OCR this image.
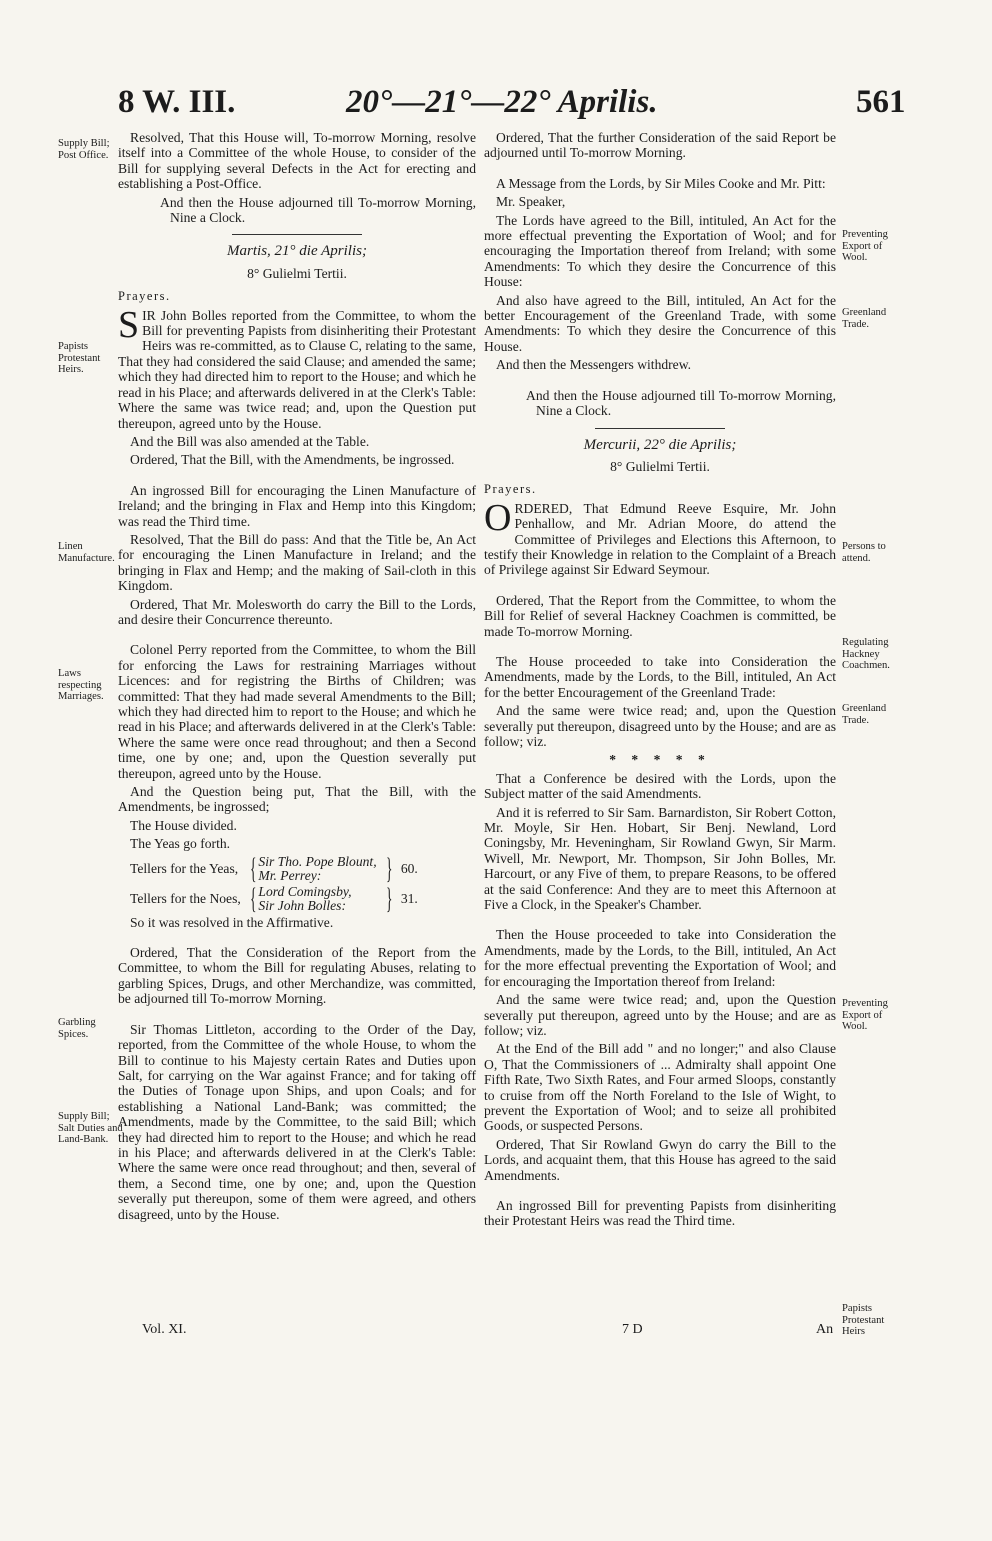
8 W. III.	20°—21°—22° Aprilis.	561

Resolved, That this House will, To-morrow Morning, resolve itself into a Committee of the whole House, to consider of the Bill for supplying several Defects in the Act for erecting and establishing a Post-Office.

And then the House adjourned till To-morrow Morning, Nine a Clock.

Martis, 21° die Aprilis;
8° Gulielmi Tertii.

Prayers.

SIR John Bolles reported from the Committee, to whom the Bill for preventing Papists from disinheriting their Protestant Heirs was re-committed, as to Clause C, relating to the same, That they had considered the said Clause; and amended the same; which they had directed him to report to the House; and which he read in his Place; and afterwards delivered in at the Clerk's Table: Where the same was twice read; and, upon the Question put thereupon, agreed unto by the House.

And the Bill was also amended at the Table.

Ordered, That the Bill, with the Amendments, be ingrossed.

An ingrossed Bill for encouraging the Linen Manufacture of Ireland; and the bringing in Flax and Hemp into this Kingdom; was read the Third time.

Resolved, That the Bill do pass: And that the Title be, An Act for encouraging the Linen Manufacture in Ireland; and the bringing in Flax and Hemp; and the making of Sail-cloth in this Kingdom.

Ordered, That Mr. Molesworth do carry the Bill to the Lords, and desire their Concurrence thereunto.

Colonel Perry reported from the Committee, to whom the Bill for enforcing the Laws for restraining Marriages without Licences: and for registring the Births of Children; was committed: That they had made several Amendments to the Bill; which they had directed him to report to the House; and which he read in his Place; and afterwards delivered in at the Clerk's Table: Where the same were once read throughout; and then a Second time, one by one; and, upon the Question severally put thereupon, agreed unto by the House.

And the Question being put, That the Bill, with the Amendments, be ingrossed;

The House divided.

The Yeas go forth.

Tellers for the Yeas, { Sir Tho. Pope Blount,
Mr. Perrey:	} 60.
Tellers for the Noes, { Lord Comingsby,
Sir John Bolles:	} 31.

So it was resolved in the Affirmative.

Ordered, That the Consideration of the Report from the Committee, to whom the Bill for regulating Abuses, relating to garbling Spices, Drugs, and other Merchandize, was committed, be adjourned till To-morrow Morning.

Sir Thomas Littleton, according to the Order of the Day, reported, from the Committee of the whole House, to whom the Bill to continue to his Majesty certain Rates and Duties upon Salt, for carrying on the War against France; and for taking off the Duties of Tonage upon Ships, and upon Coals; and for establishing a National Land-Bank; was committed; the Amendments, made by the Committee, to the said Bill; which they had directed him to report to the House; and which he read in his Place; and afterwards delivered in at the Clerk's Table: Where the same were once read throughout; and then, several of them, a Second time, one by one; and, upon the Question severally put thereupon, some of them were agreed, and others disagreed, unto by the House.

Ordered, That the further Consideration of the said Report be adjourned until To-morrow Morning.

A Message from the Lords, by Sir Miles Cooke and Mr. Pitt:

Mr. Speaker,

The Lords have agreed to the Bill, intituled, An Act for the more effectual preventing the Exportation of Wool; and for encouraging the Importation thereof from Ireland; with some Amendments: To which they desire the Concurrence of this House:

And also have agreed to the Bill, intituled, An Act for the better Encouragement of the Greenland Trade, with some Amendments: To which they desire the Concurrence of this House.

And then the Messengers withdrew.

And then the House adjourned till To-morrow Morning, Nine a Clock.

Mercurii, 22° die Aprilis;
8° Gulielmi Tertii.

Prayers.

ORDERED, That Edmund Reeve Esquire, Mr. John Penhallow, and Mr. Adrian Moore, do attend the Committee of Privileges and Elections this Afternoon, to testify their Knowledge in relation to the Complaint of a Breach of Privilege against Sir Edward Seymour.

Ordered, That the Report from the Committee, to whom the Bill for Relief of several Hackney Coachmen is committed, be made To-morrow Morning.

The House proceeded to take into Consideration the Amendments, made by the Lords, to the Bill, intituled, An Act for the better Encouragement of the Greenland Trade:

And the same were twice read; and, upon the Question severally put thereupon, disagreed unto by the House; and are as follow; viz.

* * * * *

That a Conference be desired with the Lords, upon the Subject matter of the said Amendments.

And it is referred to Sir Sam. Barnardiston, Sir Robert Cotton, Mr. Moyle, Sir Hen. Hobart, Sir Benj. Newland, Lord Coningsby, Mr. Heveningham, Sir Rowland Gwyn, Sir Marm. Wivell, Mr. Newport, Mr. Thompson, Sir John Bolles, Mr. Harcourt, or any Five of them, to prepare Reasons, to be offered at the said Conference: And they are to meet this Afternoon at Five a Clock, in the Speaker's Chamber.

Then the House proceeded to take into Consideration the Amendments, made by the Lords, to the Bill, intituled, An Act for the more effectual preventing the Exportation of Wool; and for encouraging the Importation thereof from Ireland:

And the same were twice read; and, upon the Question severally put thereupon, agreed unto by the House; and are as follow; viz.

At the End of the Bill add " and no longer;" and also Clause O, That the Commissioners of ... Admiralty shall appoint One Fifth Rate, Two Sixth Rates, and Four armed Sloops, constantly to cruise from off the North Foreland to the Isle of Wight, to prevent the Exportation of Wool; and to seize all prohibited Goods, or suspected Persons.

Ordered, That Sir Rowland Gwyn do carry the Bill to the Lords, and acquaint them, that this House has agreed to the said Amendments.

An ingrossed Bill for preventing Papists from disinheriting their Protestant Heirs was read the Third time.

Supply Bill; Post Office.
Papists Protestant Heirs.
Linen Manufacture.
Laws respecting Marriages.
Garbling Spices.
Supply Bill; Salt Duties and Land-Bank.
Preventing Export of Wool.
Greenland Trade.
Persons to attend.
Regulating Hackney Coachmen.
Greenland Trade.
Preventing Export of Wool.
Papists Protestant Heirs
Vol. XI.	7 D	An
